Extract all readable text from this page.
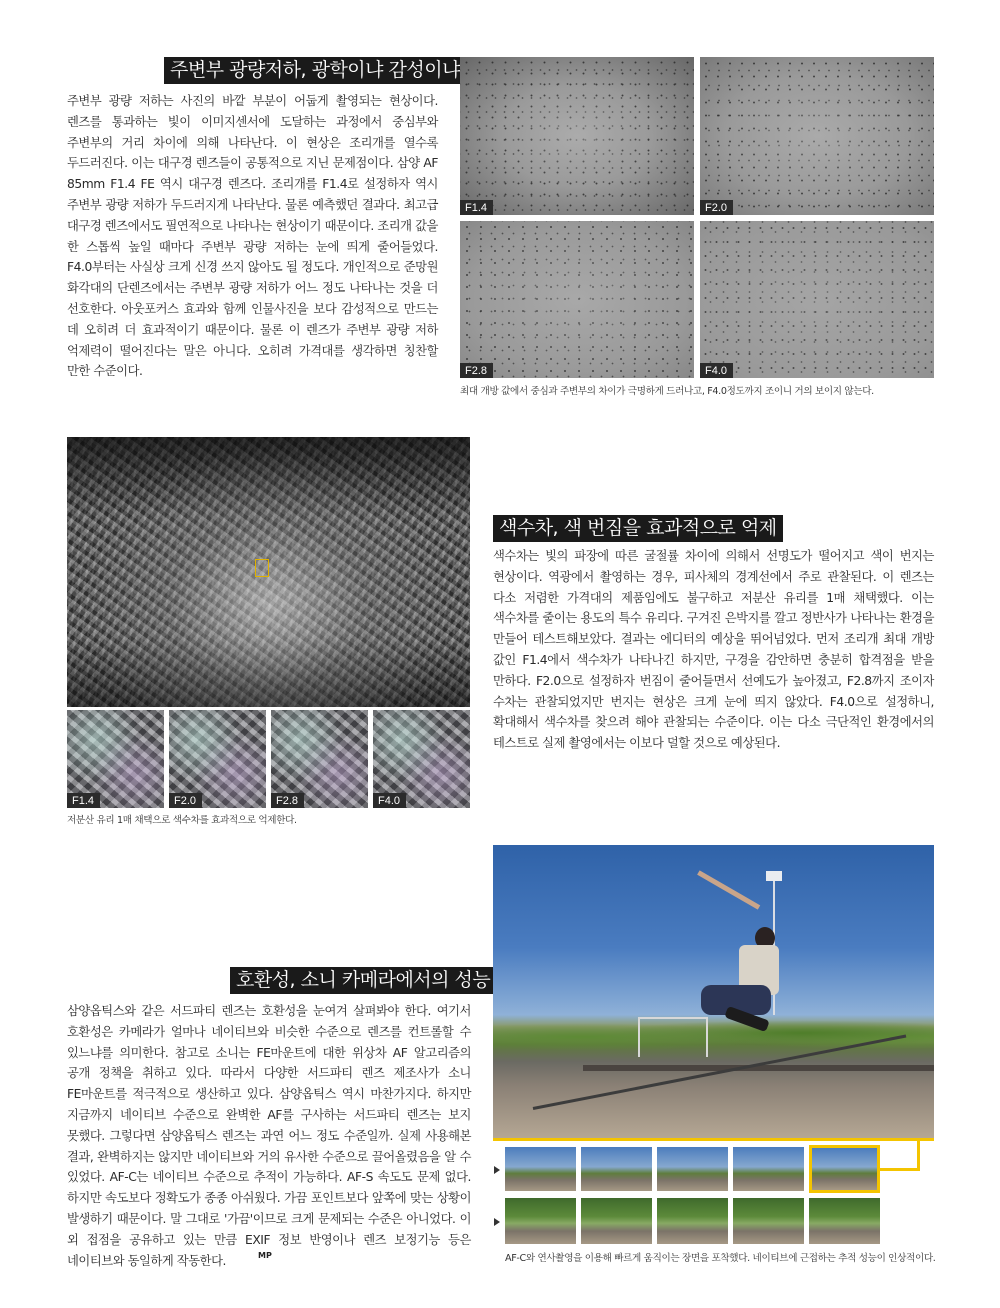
주변부 광량저하, 광학이냐 감성이냐
주변부 광량 저하는 사진의 바깥 부분이 어둡게 촬영되는 현상이다. 렌즈를 통과하는 빛이 이미지센서에 도달하는 과정에서 중심부와 주변부의 거리 차이에 의해 나타난다. 이 현상은 조리개를 열수록 두드러진다. 이는 대구경 렌즈들이 공통적으로 지닌 문제점이다. 삼양 AF 85mm F1.4 FE 역시 대구경 렌즈다. 조리개를 F1.4로 설정하자 역시 주변부 광량 저하가 두드러지게 나타난다. 물론 예측했던 결과다. 최고급 대구경 렌즈에서도 필연적으로 나타나는 현상이기 때문이다. 조리개 값을 한 스톱씩 높일 때마다 주변부 광량 저하는 눈에 띄게 줄어들었다. F4.0부터는 사실상 크게 신경 쓰지 않아도 될 정도다. 개인적으로 준망원 화각대의 단렌즈에서는 주변부 광량 저하가 어느 정도 나타나는 것을 더 선호한다. 아웃포커스 효과와 함께 인물사진을 보다 감성적으로 만드는 데 오히려 더 효과적이기 때문이다. 물론 이 렌즈가 주변부 광량 저하 억제력이 떨어진다는 말은 아니다. 오히려 가격대를 생각하면 칭찬할 만한 수준이다.
F1.4	F2.0
F2.8	F4.0
최대 개방 값에서 중심과 주변부의 차이가 극명하게 드러나고, F4.0정도까지 조이니 거의 보이지 않는다.
F1.4	F2.0	F2.8	F4.0
저분산 유리 1매 채택으로 색수차를 효과적으로 억제한다.
색수차, 색 번짐을 효과적으로 억제
색수차는 빛의 파장에 따른 굴절률 차이에 의해서 선명도가 떨어지고 색이 번지는 현상이다. 역광에서 촬영하는 경우, 피사체의 경계선에서 주로 관찰된다. 이 렌즈는 다소 저렴한 가격대의 제품임에도 불구하고 저분산 유리를 1매 채택했다. 이는 색수차를 줄이는 용도의 특수 유리다. 구겨진 은박지를 깔고 정반사가 나타나는 환경을 만들어 테스트해보았다. 결과는 에디터의 예상을 뛰어넘었다. 먼저 조리개 최대 개방 값인 F1.4에서 색수차가 나타나긴 하지만, 구경을 감안하면 충분히 합격점을 받을 만하다. F2.0으로 설정하자 번짐이 줄어들면서 선예도가 높아졌고, F2.8까지 조이자 수차는 관찰되었지만 번지는 현상은 크게 눈에 띄지 않았다. F4.0으로 설정하니, 확대해서 색수차를 찾으려 해야 관찰되는 수준이다. 이는 다소 극단적인 환경에서의 테스트로 실제 촬영에서는 이보다 덜할 것으로 예상된다.
호환성, 소니 카메라에서의 성능
삼양옵틱스와 같은 서드파티 렌즈는 호환성을 눈여겨 살펴봐야 한다. 여기서 호환성은 카메라가 얼마나 네이티브와 비슷한 수준으로 렌즈를 컨트롤할 수 있느냐를 의미한다. 참고로 소니는 FE마운트에 대한 위상차 AF 알고리즘의 공개 정책을 취하고 있다. 따라서 다양한 서드파티 렌즈 제조사가 소니 FE마운트를 적극적으로 생산하고 있다. 삼양옵틱스 역시 마찬가지다. 하지만 지금까지 네이티브 수준으로 완벽한 AF를 구사하는 서드파티 렌즈는 보지 못했다. 그렇다면 삼양옵틱스 렌즈는 과연 어느 정도 수준일까. 실제 사용해본 결과, 완벽하지는 않지만 네이티브와 거의 유사한 수준으로 끌어올렸음을 알 수 있었다. AF-C는 네이티브 수준으로 추적이 가능하다. AF-S 속도도 문제 없다. 하지만 속도보다 정확도가 종종 아쉬웠다. 가끔 포인트보다 앞쪽에 맞는 상황이 발생하기 때문이다. 말 그대로 '가끔'이므로 크게 문제되는 수준은 아니었다. 이 외 접점을 공유하고 있는 만큼 EXIF 정보 반영이나 렌즈 보정기능 등은 네이티브와 동일하게 작동한다.	MP	AF-C와 연사촬영을 이용해 빠르게 움직이는 장면을 포착했다. 네이티브에 근접하는 추적 성능이 인상적이다.
